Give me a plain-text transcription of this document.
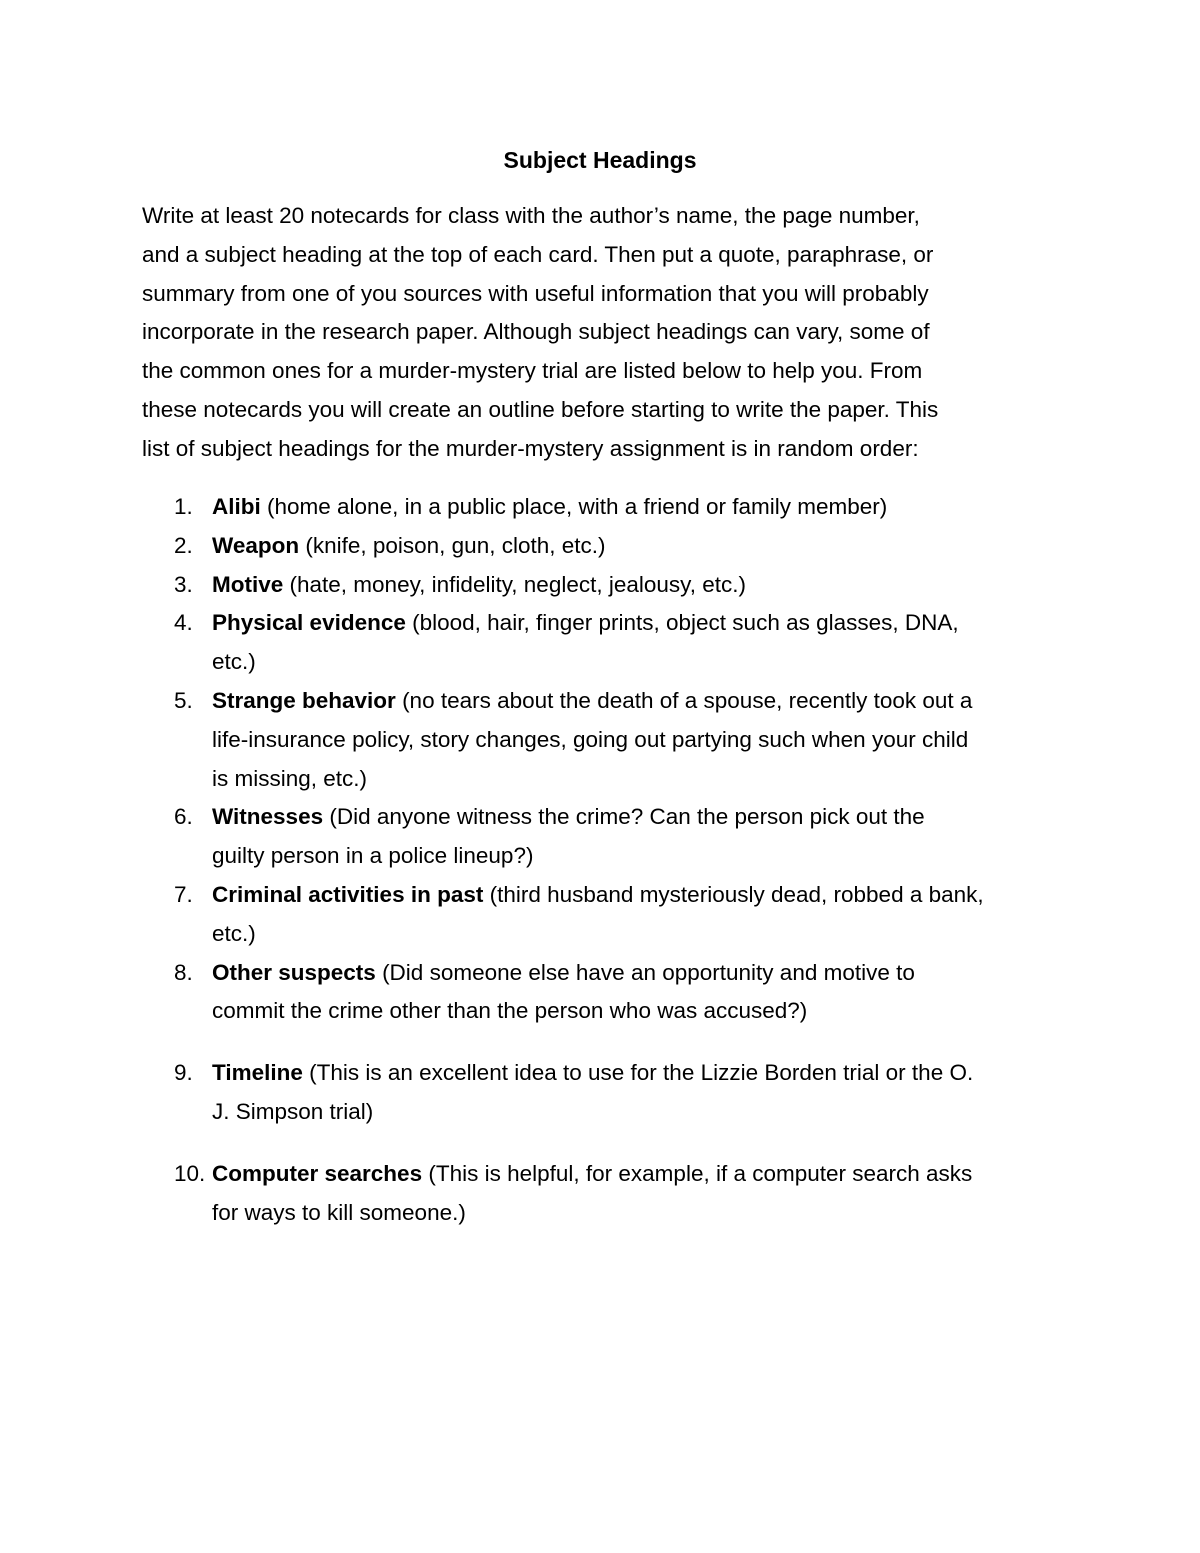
Subject Headings

Write at least 20 notecards for class with the author’s name, the page number,
and a subject heading at the top of each card. Then put a quote, paraphrase, or
summary from one of you sources with useful information that you will probably
incorporate in the research paper. Although subject headings can vary, some of
the common ones for a murder-mystery trial are listed below to help you. From
these notecards you will create an outline before starting to write the paper. This
list of subject headings for the murder-mystery assignment is in random order:

1. Alibi (home alone, in a public place, with a friend or family member)
2. Weapon (knife, poison, gun, cloth, etc.)
3. Motive (hate, money, infidelity, neglect, jealousy, etc.)
4. Physical evidence (blood, hair, finger prints, object such as glasses, DNA,
etc.)
5. Strange behavior (no tears about the death of a spouse, recently took out a
life-insurance policy, story changes, going out partying such when your child
is missing, etc.)
6. Witnesses (Did anyone witness the crime? Can the person pick out the
guilty person in a police lineup?)
7. Criminal activities in past (third husband mysteriously dead, robbed a bank,
etc.)
8. Other suspects (Did someone else have an opportunity and motive to
commit the crime other than the person who was accused?)
9. Timeline (This is an excellent idea to use for the Lizzie Borden trial or the O.
J. Simpson trial)
10. Computer searches (This is helpful, for example, if a computer search asks
for ways to kill someone.)
